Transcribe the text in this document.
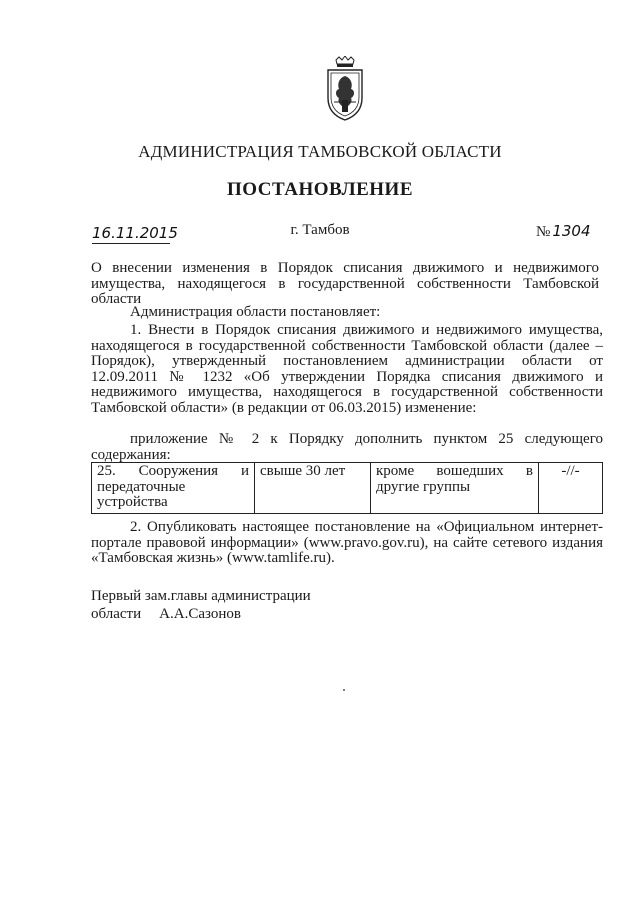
АДМИНИСТРАЦИЯ ТАМБОВСКОЙ ОБЛАСТИ
ПОСТАНОВЛЕНИЕ
16.11.2015	г. Тамбов	№ 1304
О внесении изменения в Порядок списания движимого и недвижимого имущества, находящегося в государственной собственности Тамбовской области
Администрация области постановляет:
1. Внести в Порядок списания движимого и недвижимого имущества, находящегося в государственной собственности Тамбовской области (далее – Порядок), утвержденный постановлением администрации области от 12.09.2011 № 1232 «Об утверждении Порядка списания движимого и недвижимого имущества, находящегося в государственной собственности Тамбовской области» (в редакции от 06.03.2015) изменение:
приложение № 2 к Порядку дополнить пунктом 25 следующего содержания:
25. Сооружения и передаточные устройства	свыше 30 лет	кроме вошедших в другие группы	-//-
2. Опубликовать настоящее постановление на «Официальном интернет-портале правовой информации» (www.pravo.gov.ru), на сайте сетевого издания «Тамбовская жизнь» (www.tamlife.ru).
Первый зам.главы администрации
области А.А.Сазонов
